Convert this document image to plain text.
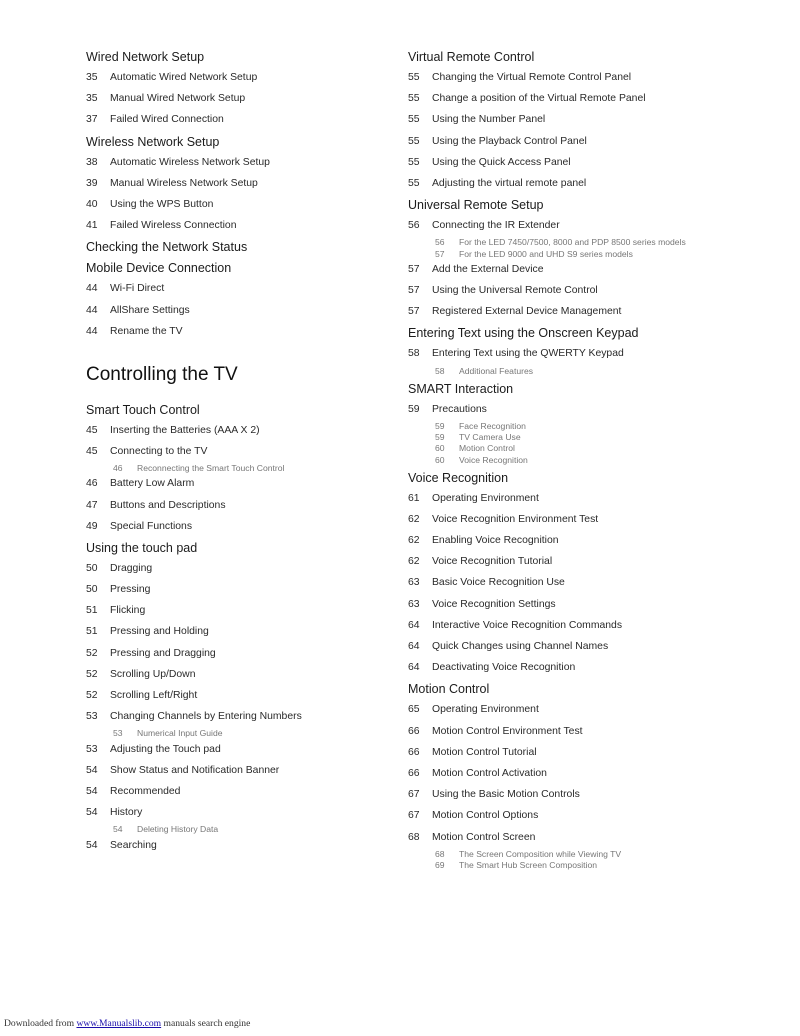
Wired Network Setup
35	Automatic Wired Network Setup
35	Manual Wired Network Setup
37	Failed Wired Connection
Wireless Network Setup
38	Automatic Wireless Network Setup
39	Manual Wireless Network Setup
40	Using the WPS Button
41	Failed Wireless Connection
Checking the Network Status
Mobile Device Connection
44	Wi-Fi Direct
44	AllShare Settings
44	Rename the TV
Controlling the TV
Smart Touch Control
45	Inserting the Batteries (AAA X 2)
45	Connecting to the TV
46	Reconnecting the Smart Touch Control
46	Battery Low Alarm
47	Buttons and Descriptions
49	Special Functions
Using the touch pad
50	Dragging
50	Pressing
51	Flicking
51	Pressing and Holding
52	Pressing and Dragging
52	Scrolling Up/Down
52	Scrolling Left/Right
53	Changing Channels by Entering Numbers
53	Numerical Input Guide
53	Adjusting the Touch pad
54	Show Status and Notification Banner
54	Recommended
54	History
54	Deleting History Data
54	Searching
Virtual Remote Control
55	Changing the Virtual Remote Control Panel
55	Change a position of the Virtual Remote Panel
55	Using the Number Panel
55	Using the Playback Control Panel
55	Using the Quick Access Panel
55	Adjusting the virtual remote panel
Universal Remote Setup
56	Connecting the IR Extender
56	For the LED 7450/7500, 8000 and PDP 8500 series models
57	For the LED 9000 and UHD S9 series models
57	Add the External Device
57	Using the Universal Remote Control
57	Registered External Device Management
Entering Text using the Onscreen Keypad
58	Entering Text using the QWERTY Keypad
58	Additional Features
SMART Interaction
59	Precautions
59	Face Recognition
59	TV Camera Use
60	Motion Control
60	Voice Recognition
Voice Recognition
61	Operating Environment
62	Voice Recognition Environment Test
62	Enabling Voice Recognition
62	Voice Recognition Tutorial
63	Basic Voice Recognition Use
63	Voice Recognition Settings
64	Interactive Voice Recognition Commands
64	Quick Changes using Channel Names
64	Deactivating Voice Recognition
Motion Control
65	Operating Environment
66	Motion Control Environment Test
66	Motion Control Tutorial
66	Motion Control Activation
67	Using the Basic Motion Controls
67	Motion Control Options
68	Motion Control Screen
68	The Screen Composition while Viewing TV
69	The Smart Hub Screen Composition
Downloaded from www.Manualslib.com manuals search engine
